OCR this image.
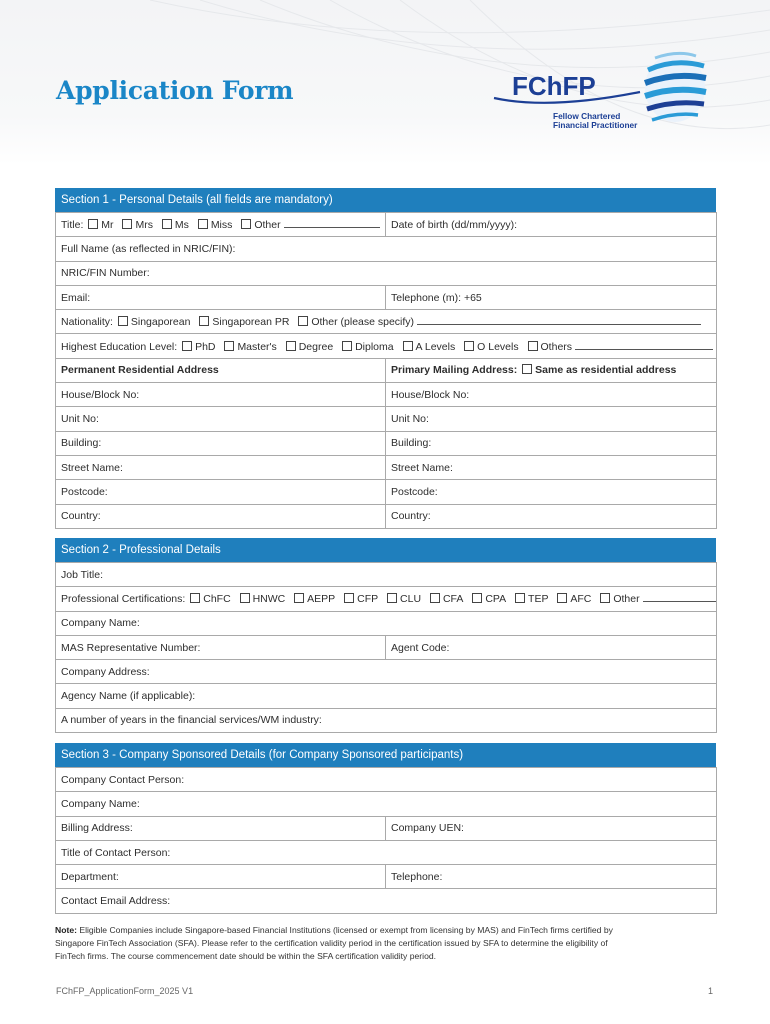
Application Form	FChFP
Fellow Chartered
Financial Practitioner
Section 1 - Personal Details (all fields are mandatory)
Title: Mr Mrs Ms Miss Other	Date of birth (dd/mm/yyyy):
Full Name (as reflected in NRIC/FIN):	
NRIC/FIN Number:	
Email:	Telephone (m): +65
Nationality: Singaporean Singaporean PR Other (please specify)	
Highest Education Level: PhD Master's Degree Diploma A Levels O Levels Others	
Permanent Residential Address	Primary Mailing Address: Same as residential address
House/Block No:	House/Block No:
Unit No:	Unit No:
Building:	Building:
Street Name:	Street Name:
Postcode:	Postcode:
Country:	Country:
Section 2 - Professional Details
Job Title:
Professional Certifications: ChFC HNWC AEPP CFP CLU CFA CPA TEP AFC Other
Company Name:
MAS Representative Number:	Agent Code:
Company Address:
Agency Name (if applicable):
A number of years in the financial services/WM industry:
Section 3 - Company Sponsored Details (for Company Sponsored participants)
Company Contact Person:	
Company Name:	
Billing Address:	Company UEN:
Title of Contact Person:	
Department:	Telephone:
Contact Email Address:	
Note: Eligible Companies include Singapore-based Financial Institutions (licensed or exempt from licensing by MAS) and FinTech firms certified by
Singapore FinTech Association (SFA). Please refer to the certification validity period in the certification issued by SFA to determine the eligibility of
FinTech firms. The course commencement date should be within the SFA certification validity period.
FChFP_ApplicationForm_2025 V1	1
